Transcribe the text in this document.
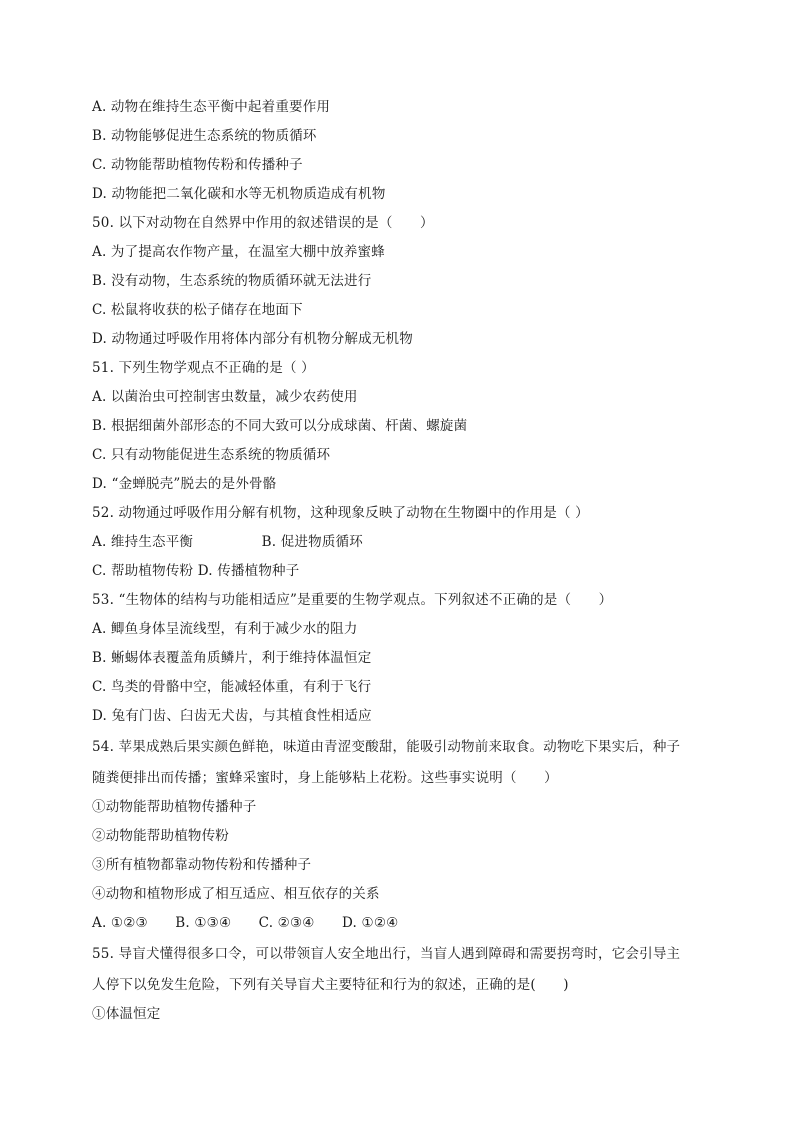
A. 动物在维持生态平衡中起着重要作用
B. 动物能够促进生态系统的物质循环
C. 动物能帮助植物传粉和传播种子
D. 动物能把二氧化碳和水等无机物质造成有机物
50. 以下对动物在自然界中作用的叙述错误的是（　　）
A. 为了提高农作物产量，在温室大棚中放养蜜蜂
B. 没有动物，生态系统的物质循环就无法进行
C. 松鼠将收获的松子储存在地面下
D. 动物通过呼吸作用将体内部分有机物分解成无机物
51. 下列生物学观点不正确的是（ ）
A. 以菌治虫可控制害虫数量，减少农药使用
B. 根据细菌外部形态的不同大致可以分成球菌、杆菌、螺旋菌
C. 只有动物能促进生态系统的物质循环
D. “金蝉脱壳”脱去的是外骨骼
52. 动物通过呼吸作用分解有机物，这种现象反映了动物在生物圈中的作用是（ ）
A. 维持生态平衡　　　　　B. 促进物质循环
C. 帮助植物传粉 D. 传播植物种子
53. “生物体的结构与功能相适应”是重要的生物学观点。下列叙述不正确的是（　　）
A. 鲫鱼身体呈流线型，有利于减少水的阻力
B. 蜥蜴体表覆盖角质鳞片，利于维持体温恒定
C. 鸟类的骨骼中空，能减轻体重，有利于飞行
D. 兔有门齿、臼齿无犬齿，与其植食性相适应
54. 苹果成熟后果实颜色鲜艳，味道由青涩变酸甜，能吸引动物前来取食。动物吃下果实后，种子
随粪便排出而传播；蜜蜂采蜜时，身上能够粘上花粉。这些事实说明（　　）
①动物能帮助植物传播种子
②动物能帮助植物传粉
③所有植物都靠动物传粉和传播种子
④动物和植物形成了相互适应、相互依存的关系
A. ①②③　　B. ①③④　　C. ②③④　　D. ①②④
55. 导盲犬懂得很多口令，可以带领盲人安全地出行，当盲人遇到障碍和需要拐弯时，它会引导主
人停下以免发生危险，下列有关导盲犬主要特征和行为的叙述，正确的是(　　)
①体温恒定
